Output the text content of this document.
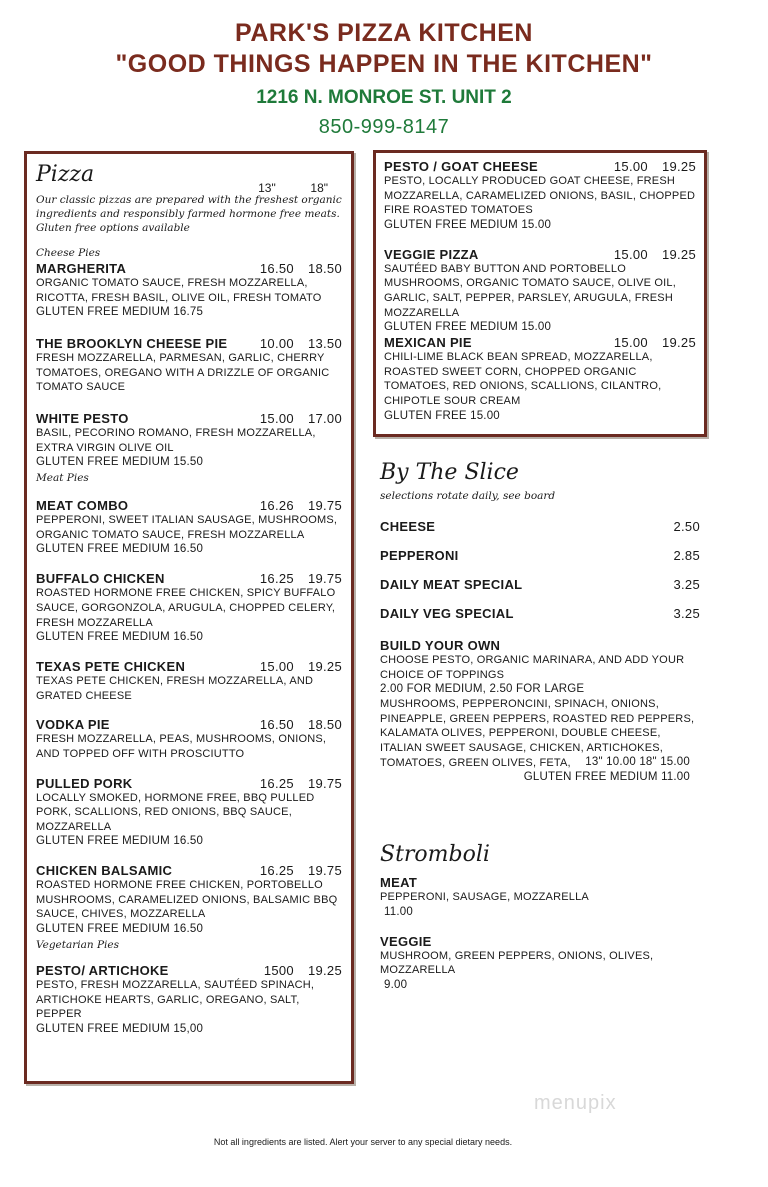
PARK'S PIZZA KITCHEN
"GOOD THINGS HAPPEN IN THE KITCHEN"
1216 N. MONROE ST. UNIT 2
850-999-8147
Pizza
13"	18"
Our classic pizzas are prepared with the freshest organic ingredients and responsibly farmed hormone free meats. Gluten free options available
Cheese Pies
MARGHERITA	16.50 18.50
ORGANIC TOMATO SAUCE, FRESH MOZZARELLA, RICOTTA, FRESH BASIL, OLIVE OIL, FRESH TOMATO
GLUTEN FREE MEDIUM 16.75
THE BROOKLYN CHEESE PIE	10.00 13.50
FRESH MOZZARELLA, PARMESAN, GARLIC, CHERRY TOMATOES, OREGANO WITH A DRIZZLE OF ORGANIC TOMATO SAUCE
WHITE PESTO	15.00 17.00
BASIL, PECORINO ROMANO, FRESH MOZZARELLA, EXTRA VIRGIN OLIVE OIL
GLUTEN FREE MEDIUM 15.50
Meat Pies
MEAT COMBO	16.26 19.75
PEPPERONI, SWEET ITALIAN SAUSAGE, MUSHROOMS, ORGANIC TOMATO SAUCE, FRESH MOZZARELLA
GLUTEN FREE MEDIUM 16.50
BUFFALO CHICKEN	16.25 19.75
ROASTED HORMONE FREE CHICKEN, SPICY BUFFALO SAUCE, GORGONZOLA, ARUGULA, CHOPPED CELERY, FRESH MOZZARELLA
GLUTEN FREE MEDIUM 16.50
TEXAS PETE CHICKEN	15.00 19.25
TEXAS PETE CHICKEN, FRESH MOZZARELLA, AND GRATED CHEESE
VODKA PIE	16.50 18.50
FRESH MOZZARELLA, PEAS, MUSHROOMS, ONIONS, AND TOPPED OFF WITH PROSCIUTTO
PULLED PORK	16.25 19.75
LOCALLY SMOKED, HORMONE FREE, BBQ PULLED PORK, SCALLIONS, RED ONIONS, BBQ SAUCE, MOZZARELLA
GLUTEN FREE MEDIUM 16.50
CHICKEN BALSAMIC	16.25 19.75
ROASTED HORMONE FREE CHICKEN, PORTOBELLO MUSHROOMS, CARAMELIZED ONIONS, BALSAMIC BBQ SAUCE, CHIVES, MOZZARELLA
GLUTEN FREE MEDIUM 16.50
Vegetarian Pies
PESTO/ ARTICHOKE	1500 19.25
PESTO, FRESH MOZZARELLA, SAUTÉED SPINACH, ARTICHOKE HEARTS, GARLIC, OREGANO, SALT, PEPPER
GLUTEN FREE MEDIUM 15,00
PESTO / GOAT CHEESE	15.00 19.25
PESTO, LOCALLY PRODUCED GOAT CHEESE, FRESH MOZZARELLA, CARAMELIZED ONIONS, BASIL, CHOPPED FIRE ROASTED TOMATOES
GLUTEN FREE MEDIUM 15.00
VEGGIE PIZZA	15.00 19.25
SAUTÉED BABY BUTTON AND PORTOBELLO MUSHROOMS, ORGANIC TOMATO SAUCE, OLIVE OIL, GARLIC, SALT, PEPPER, PARSLEY, ARUGULA, FRESH MOZZARELLA
GLUTEN FREE MEDIUM 15.00
MEXICAN PIE	15.00 19.25
CHILI-LIME BLACK BEAN SPREAD, MOZZARELLA, ROASTED SWEET CORN, CHOPPED ORGANIC TOMATOES, RED ONIONS, SCALLIONS, CILANTRO, CHIPOTLE SOUR CREAM
GLUTEN FREE 15.00
By The Slice
selections rotate daily, see board
CHEESE	2.50
PEPPERONI	2.85
DAILY MEAT SPECIAL	3.25
DAILY VEG SPECIAL	3.25
BUILD YOUR OWN
CHOOSE PESTO, ORGANIC MARINARA, AND ADD YOUR CHOICE OF TOPPINGS
2.00 FOR MEDIUM, 2.50 FOR LARGE
MUSHROOMS, PEPPERONCINI, SPINACH, ONIONS, PINEAPPLE, GREEN PEPPERS, ROASTED RED PEPPERS, KALAMATA OLIVES, PEPPERONI, DOUBLE CHEESE, ITALIAN SWEET SAUSAGE, CHICKEN, ARTICHOKES, TOMATOES, GREEN OLIVES, FETA,	13" 10.00 18" 15.00
GLUTEN FREE MEDIUM 11.00
Stromboli
MEAT
PEPPERONI, SAUSAGE, MOZZARELLA
11.00
VEGGIE
MUSHROOM, GREEN PEPPERS, ONIONS, OLIVES, MOZZARELLA
9.00
menupix
Not all ingredients are listed. Alert your server to any special dietary needs.
